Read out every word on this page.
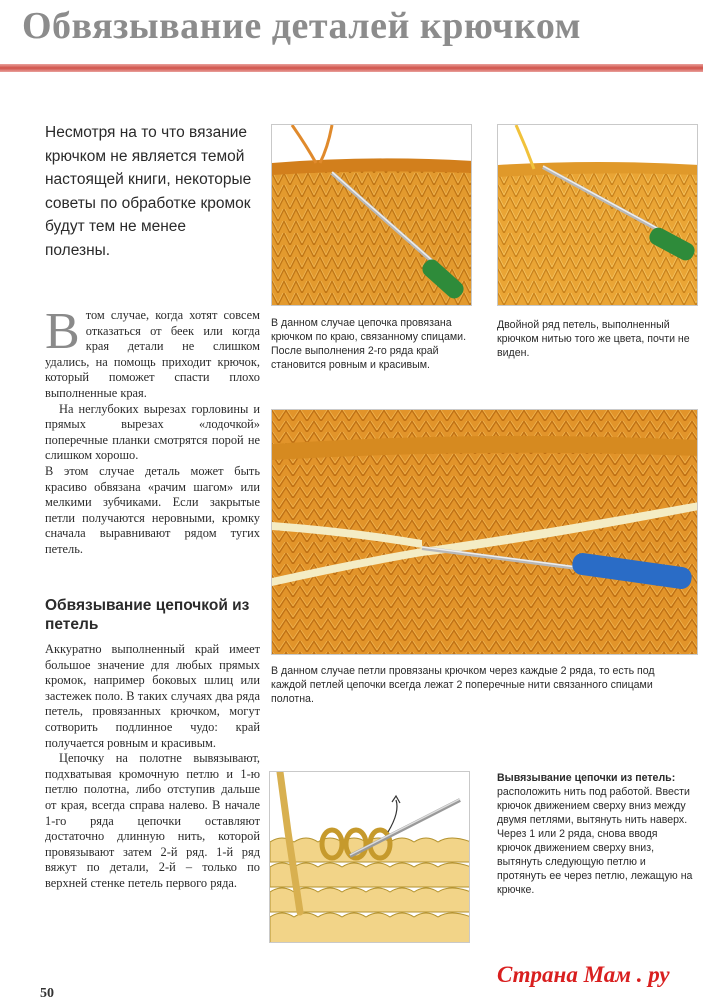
Обвязывание деталей крючком
Несмотря на то что вязание крючком не является темой настоящей книги, некоторые советы по обработке кромок будут тем не менее полезны.

Втом случае, когда хотят совсем отказаться от беек или когда края детали не слишком удались, на помощь приходит крючок, который поможет спасти плохо выполненные края.

На неглубоких вырезах горловины и прямых вырезах «лодочкой» поперечные планки смотрятся порой не слишком хорошо.

В этом случае деталь может быть красиво обвязана «рачим шагом» или мелкими зубчиками. Если закрытые петли получаются неровными, кромку сначала выравнивают рядом тугих петель.

Обвязывание цепочкой из петель

Аккуратно выполненный край имеет большое значение для любых прямых кромок, например боковых шлиц или застежек поло. В таких случаях два ряда петель, провязанных крючком, могут сотворить подлинное чудо: край получается ровным и красивым.

Цепочку на полотне вывязывают, подхватывая кромочную петлю и 1-ю петлю полотна, либо отступив дальше от края, всегда справа налево. В начале 1-го ряда цепочки оставляют достаточно длинную нить, которой провязывают затем 2-й ряд. 1-й ряд вяжут по детали, 2-й – только по верхней стенке петель первого ряда.

В данном случае цепочка провязана крючком по краю, связанному спицами. После выполнения 2-го ряда край становится ровным и красивым.
Двойной ряд петель, выполненный крючком нитью того же цвета, почти не виден.
В данном случае петли провязаны крючком через каждые 2 ряда, то есть под каждой петлей цепочки всегда лежат 2 поперечные нити связанного спицами полотна.
Вывязывание цепочки из петель: расположить нить под работой. Ввести крючок движением сверху вниз между двумя петлями, вытянуть нить наверх. Через 1 или 2 ряда, снова вводя крючок движением сверху вниз, вытянуть следующую петлю и протянуть ее через петлю, лежащую на крючке.
50
Страна Мам . ру
